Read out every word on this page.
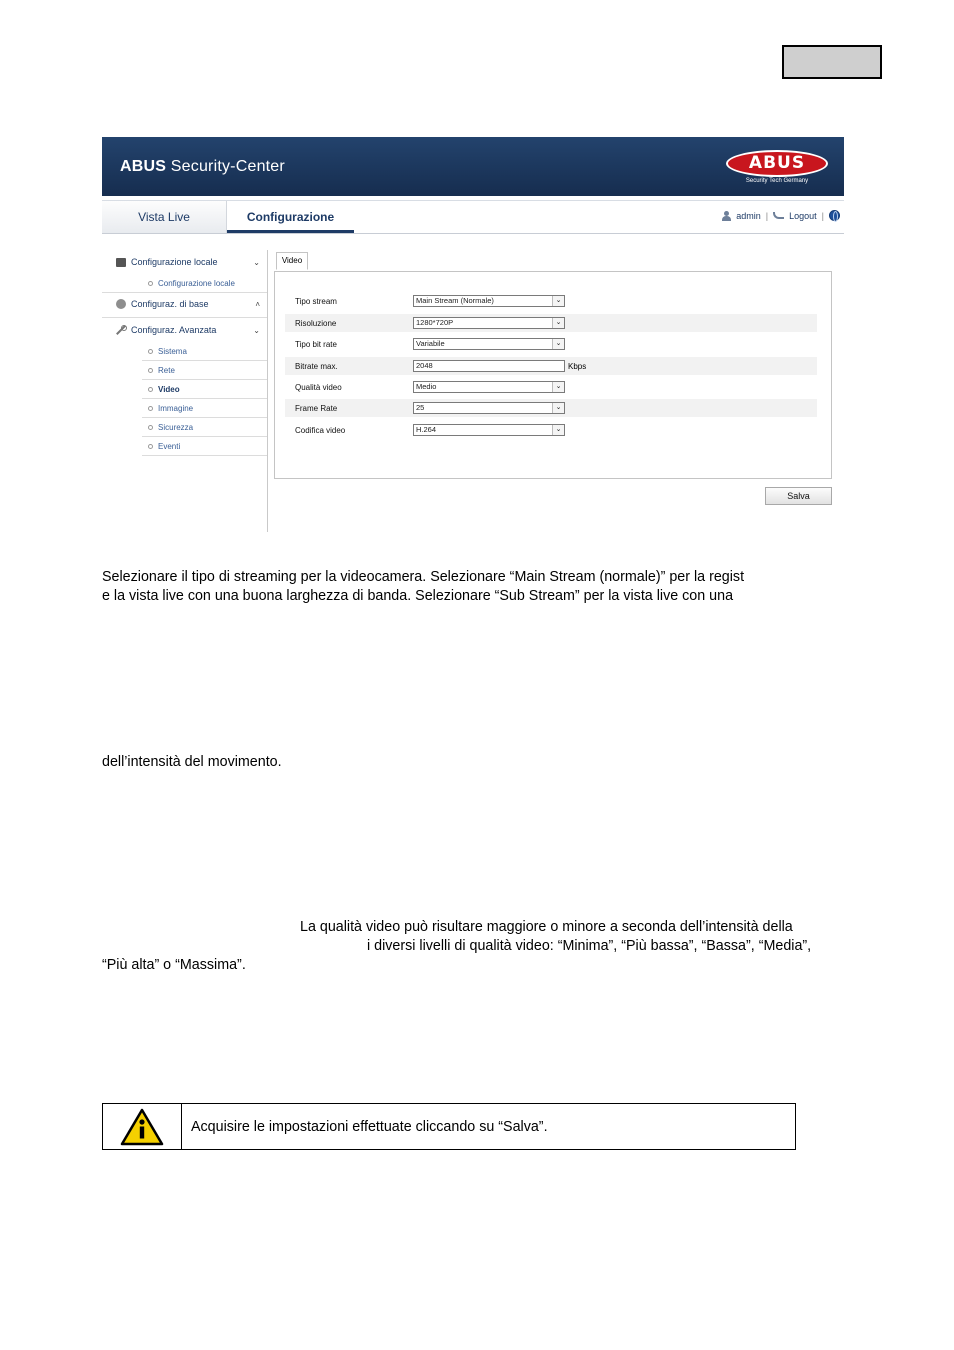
ABUS Security-Center	ABUS
Security Tech Germany
Vista Live	Configurazione	admin | Logout |
Configurazione locale	⌄
Configurazione locale
Configuraz. di base	˄
Configuraz. Avanzata	⌄
Sistema
Rete
Video
Immagine
Sicurezza
Eventi
Video
Tipo stream	Main Stream (Normale)	⌄
Risoluzione	1280*720P	⌄
Tipo bit rate	Variabile	⌄
Bitrate max.	2048	Kbps
Qualità video	Medio	⌄
Frame Rate	25	⌄
Codifica video	H.264	⌄
Salva
Selezionare il tipo di streaming per la videocamera. Selezionare “Main Stream (normale)” per la regist
e la vista live con una buona larghezza di banda. Selezionare “Sub Stream” per la vista live con una
dell’intensità del movimento.
La qualità video può risultare maggiore o minore a seconda dell’intensità della
i diversi livelli di qualità video: “Minima”, “Più bassa”, “Bassa”, “Media”,
“Più alta” o “Massima”.
Acquisire le impostazioni effettuate cliccando su “Salva”.
